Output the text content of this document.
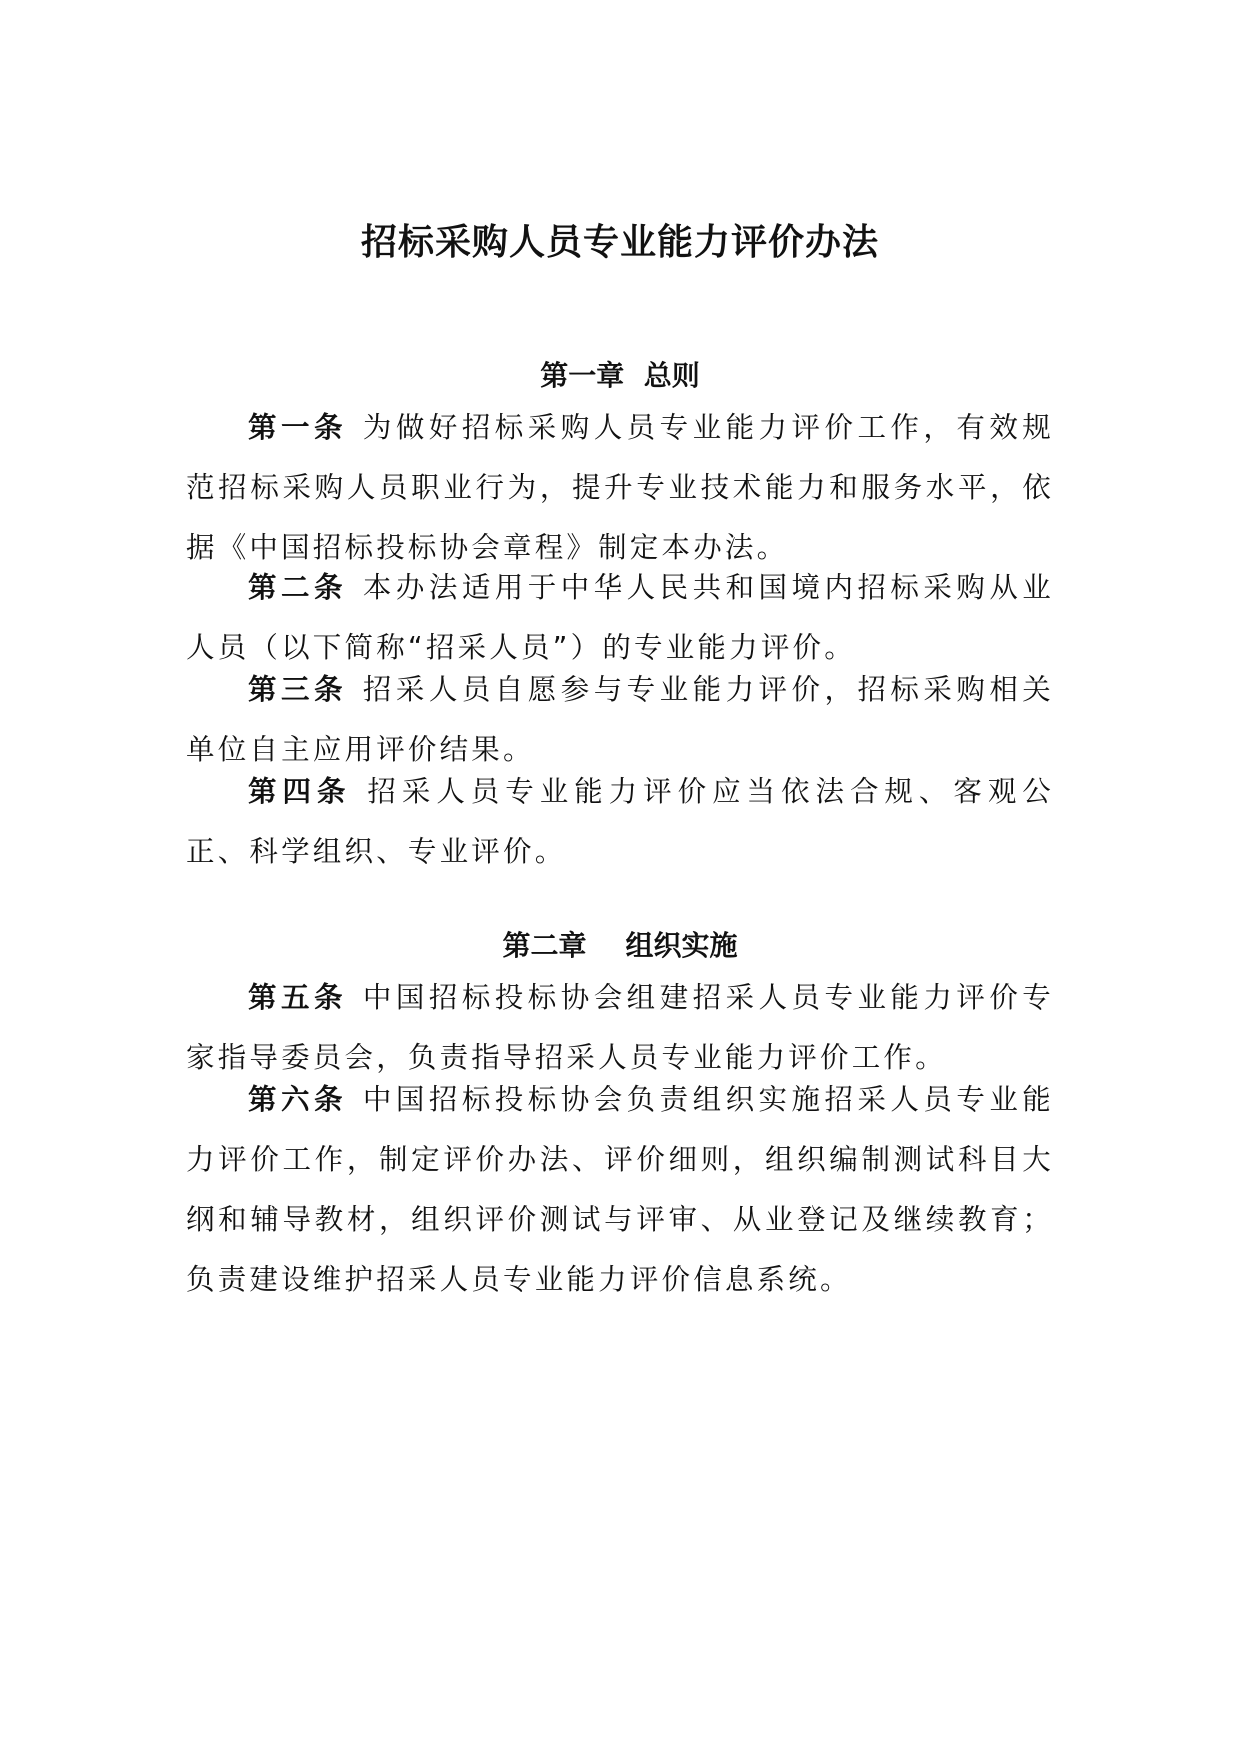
招标采购人员专业能力评价办法
第一章  总则

第一条 为做好招标采购人员专业能力评价工作，有效规范招标采购人员职业行为，提升专业技术能力和服务水平，依据《中国招标投标协会章程》制定本办法。

第二条 本办法适用于中华人民共和国境内招标采购从业人员（以下简称“招采人员”）的专业能力评价。

第三条 招采人员自愿参与专业能力评价，招标采购相关单位自主应用评价结果。

第四条 招采人员专业能力评价应当依法合规、客观公正、科学组织、专业评价。

第二章    组织实施

第五条 中国招标投标协会组建招采人员专业能力评价专家指导委员会，负责指导招采人员专业能力评价工作。

第六条 中国招标投标协会负责组织实施招采人员专业能力评价工作，制定评价办法、评价细则，组织编制测试科目大纲和辅导教材，组织评价测试与评审、从业登记及继续教育；负责建设维护招采人员专业能力评价信息系统。
